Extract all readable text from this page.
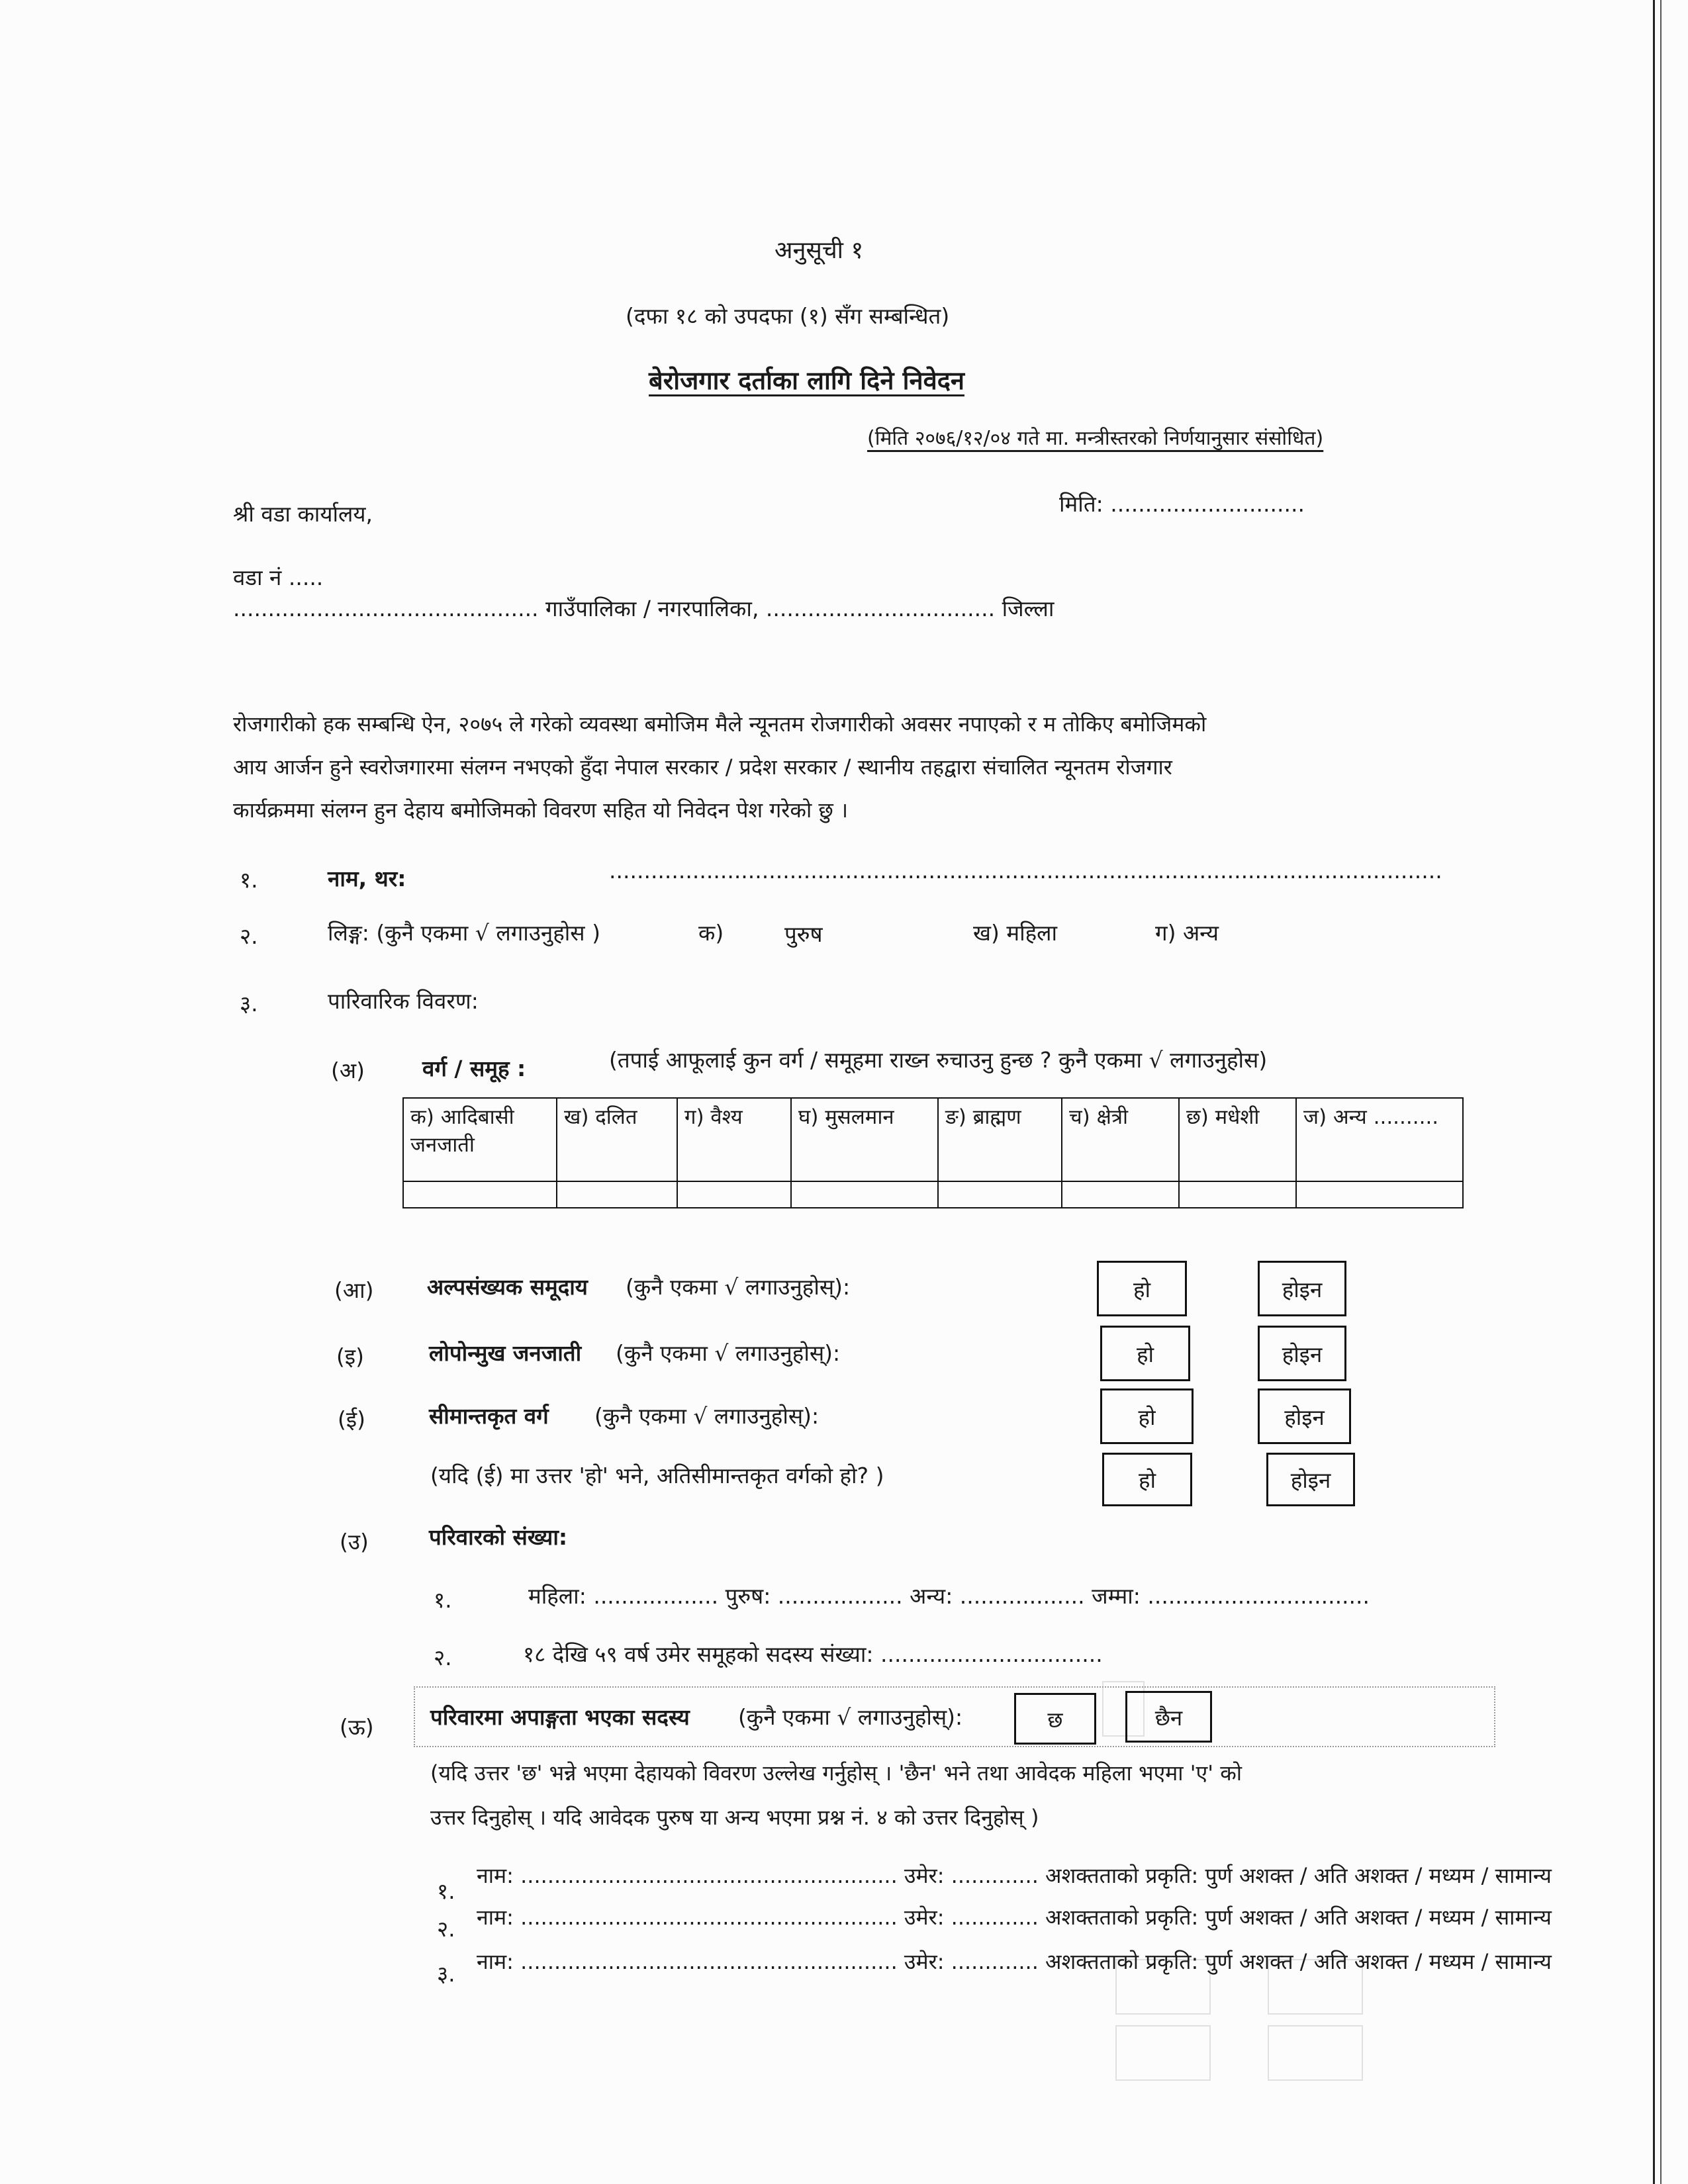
अनुसूची १
(दफा १८ को उपदफा (१) सँग सम्बन्धित)
बेरोजगार दर्ताका लागि दिने निवेदन
(मिति २०७६/१२/०४ गते मा. मन्त्रीस्तरको निर्णयानुसार संसोधित)
श्री वडा कार्यालय,	मिति: ............................
वडा नं .....
............................................ गाउँपालिका / नगरपालिका, ................................. जिल्ला
रोजगारीको हक सम्बन्धि ऐन, २०७५ ले गरेको व्यवस्था बमोजिम मैले न्यूनतम रोजगारीको अवसर नपाएको र म तोकिए बमोजिमको
आय आर्जन हुने स्वरोजगारमा संलग्न नभएको हुँदा नेपाल सरकार / प्रदेश सरकार / स्थानीय तहद्वारा संचालित न्यूनतम रोजगार
कार्यक्रममा संलग्न हुन देहाय बमोजिमको विवरण सहित यो निवेदन पेश गरेको छु ।
१.	नाम, थर:	........................................................................................................................
२.	लिङ्ग: (कुनै एकमा √ लगाउनुहोस )	क)	पुरुष	ख) महिला	ग) अन्य
३.	पारिवारिक विवरण:
(अ)	वर्ग / समूह :	(तपाई आफूलाई कुन वर्ग / समूहमा राख्न रुचाउनु हुन्छ ? कुनै एकमा √ लगाउनुहोस)
क) आदिबासी
जनजाती	ख) दलित	ग) वैश्य	घ) मुसलमान	ङ) ब्राह्मण	च) क्षेत्री	छ) मधेशी	ज) अन्य ..........

(आ) अल्पसंख्यक समूदाय (कुनै एकमा √ लगाउनुहोस्):	हो	होइन
(इ)	लोपोन्मुख जनजाती (कुनै एकमा √ लगाउनुहोस्):	हो	होइन
(ई)	सीमान्तकृत वर्ग (कुनै एकमा √ लगाउनुहोस्):	हो	होइन
(यदि (ई) मा उत्तर 'हो' भने, अतिसीमान्तकृत वर्गको हो? )	हो	होइन
(उ)	परिवारको संख्या:
१.	महिला: .................. पुरुष: .................. अन्य: .................. जम्मा: ................................
२.	१८ देखि ५९ वर्ष उमेर समूहको सदस्य संख्या: ................................
(ऊ)	परिवारमा अपाङ्गता भएका सदस्य (कुनै एकमा √ लगाउनुहोस्):	छ	छैन
(यदि उत्तर 'छ' भन्ने भएमा देहायको विवरण उल्लेख गर्नुहोस् । 'छैन' भने तथा आवेदक महिला भएमा 'ए' को
उत्तर दिनुहोस् । यदि आवेदक पुरुष या अन्य भएमा प्रश्न नं. ४ को उत्तर दिनुहोस् )
१.
नाम: ........................................................ उमेर: ............. अशक्तताको प्रकृति: पुर्ण अशक्त / अति अशक्त / मध्यम / सामान्य
२. नाम: ........................................................ उमेर: ............. अशक्तताको प्रकृति: पुर्ण अशक्त / अति अशक्त / मध्यम / सामान्य
३. नाम: ........................................................ उमेर: ............. अशक्तताको प्रकृति: पुर्ण अशक्त / अति अशक्त / मध्यम / सामान्य
